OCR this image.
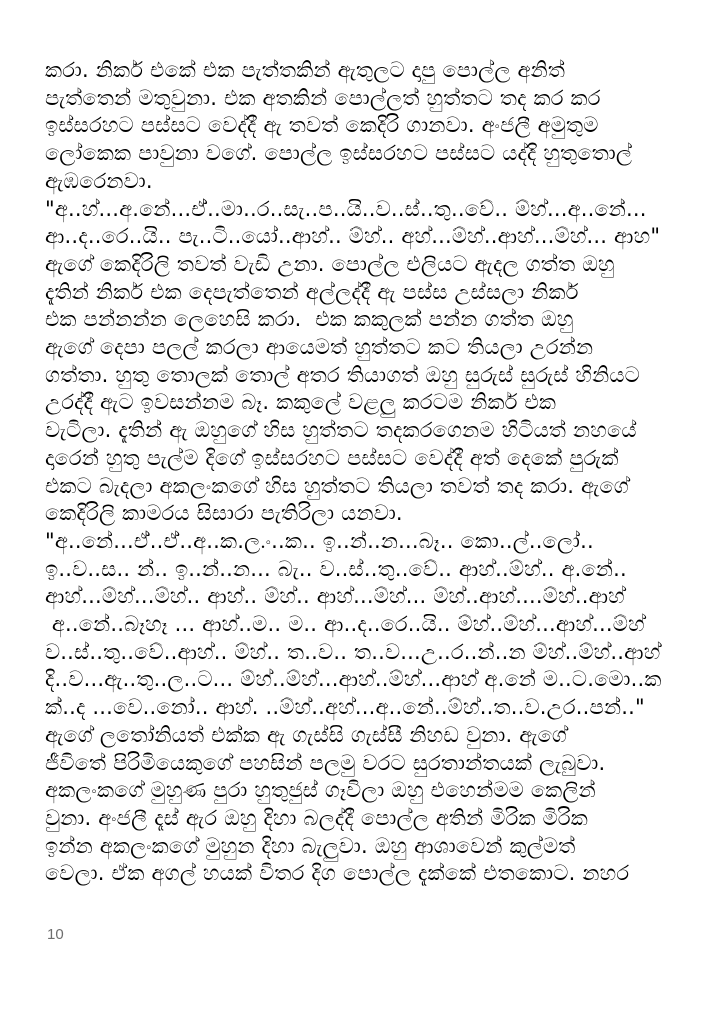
කරා. නිකර් එකේ එක පැත්තකින් ඇතුලට දාපු පොල්ල අනිත්
පැත්තෙන් මතුවුනා. එක අතකින් පොල්ලත් හුත්තට තද කර කර
ඉස්සරහට පස්සට වෙද්දී ඇ තවත් කෙදිරි ගානවා. අංජලී අමුතුම
ලෝකෙක පාවුනා වගේ. පොල්ල ඉස්සරහට පස්සට යද්දි හුතුතොල්
ඇඹරෙනවා.
"අ..හ්...අ.නේ...ඒ්..මා..ර..සැ..ප..යි..ව..ස්..තු..වේ.. ම්හ්...අ..නේ...
ආ..ද..රෙ..යි.. පැ..ටි..යෝ..ආහ්.. ම්හ්.. අහ්...ම්හ්..ආහ්...ම්හ්... ආහ"
ඇගේ කෙදිරිලි තවත් වැඩි උනා. පොල්ල එලියට ඇදල ගත්ත ඔහු
දැතින් නිකර් එක දෙපැත්තෙන් අල්ලද්දී ඇ පස්ස උස්සලා නිකර්
එක පන්නන්න ලෙහෙසි කරා.  එක කකුලක් පන්න ගත්ත ඔහු
ඇගේ දෙපා පලල් කරලා ආයෙමත් හුත්තට කට තියලා උරන්න
ගත්තා. හුතු තොලක් තොල් අතර තියාගත් ඔහු සුරුස් සුරුස් හිනියට
උරද්දී ඇට ඉවසන්නම බෑ. කකුලේ වළලු කරටම නිකර් එක
වැටිලා. දැතින් ඇ ඔහුගේ හිස හුත්තට තදකරගෙනම හිටියත් නහයේ
දාරෙන් හුතු පැල්ම දිගේ ඉස්සරහට පස්සට වෙද්දී අත් දෙකේ පුරුක්
එකට බැදලා අකලංකගේ හිස හුත්තට තියලා තවත් තද කරා. ඇගේ
කෙදිරිලි කාමරය සිසාරා පැතිරිලා යනවා.
"අ..නේ...ඒ්..ඒ්..අ..ක.ල.ං..ක.. ඉ..න්..න...බෑ.. කො..ල්..ලෝ..
ඉ..ව..ස.. න්.. ඉ..න්..න... බැ.. ව..ස්..තු..වේ.. ආහ්..ම්හ්.. අ.නේ..
ආහ්...ම්හ්...ම්හ්.. ආහ්.. ම්හ්.. ආහ්...ම්හ්... ම්හ්..ආහ්....ම්හ්..ආහ්
අ..නේ..බෑහෑ ... ආහ්..ම.. ම.. ආ..ද..රෙ..යි.. ම්හ්..ම්හ්...ආහ්...ම්හ්
ව..ස්..තු..වේ..ආහ්.. ම්හ්.. ත..ව.. ත..ව...උ..ර..න්..න ම්හ්..ම්හ්..ආහ්
දි..ව...ඇ..තු..ල..ට... ම්හ්..ම්හ්...ආහ්..ම්හ්...ආහ් අ.නේ ම..ට.මො..ක
ක්..ද ...වෙ..නෝ.. ආහ්. ..ම්හ්..අහ්...අ..නේ..ම්හ්..ත..ව.උර..පන්.."
ඇගේ ලතෝනියත් එක්ක ඇ ගැස්සි ගැස්සී නිහඩ වුනා. ඇගේ
ජීවිතේ පිරිමියෙකුගේ පහසින් පලමු වරට සුරතාන්තයක් ලැබුවා.
අකලංකගේ මුහුණ පුරා හුතුජුස් ගෑවිලා ඔහු එහෙන්මම කෙලින්
වුනා. අංජලී දෑස් ඇර ඔහු දිහා බලද්දී පොල්ල අතින් මිරික මිරික
ඉන්න අකලංකගේ මුහුන දිහා බැලුවා. ඔහු ආශාවෙන් කුල්මත්
වෙලා. ඒක අගල් හයක් විතර දිග පොල්ල දැක්කේ එතකොට. නහර
10
